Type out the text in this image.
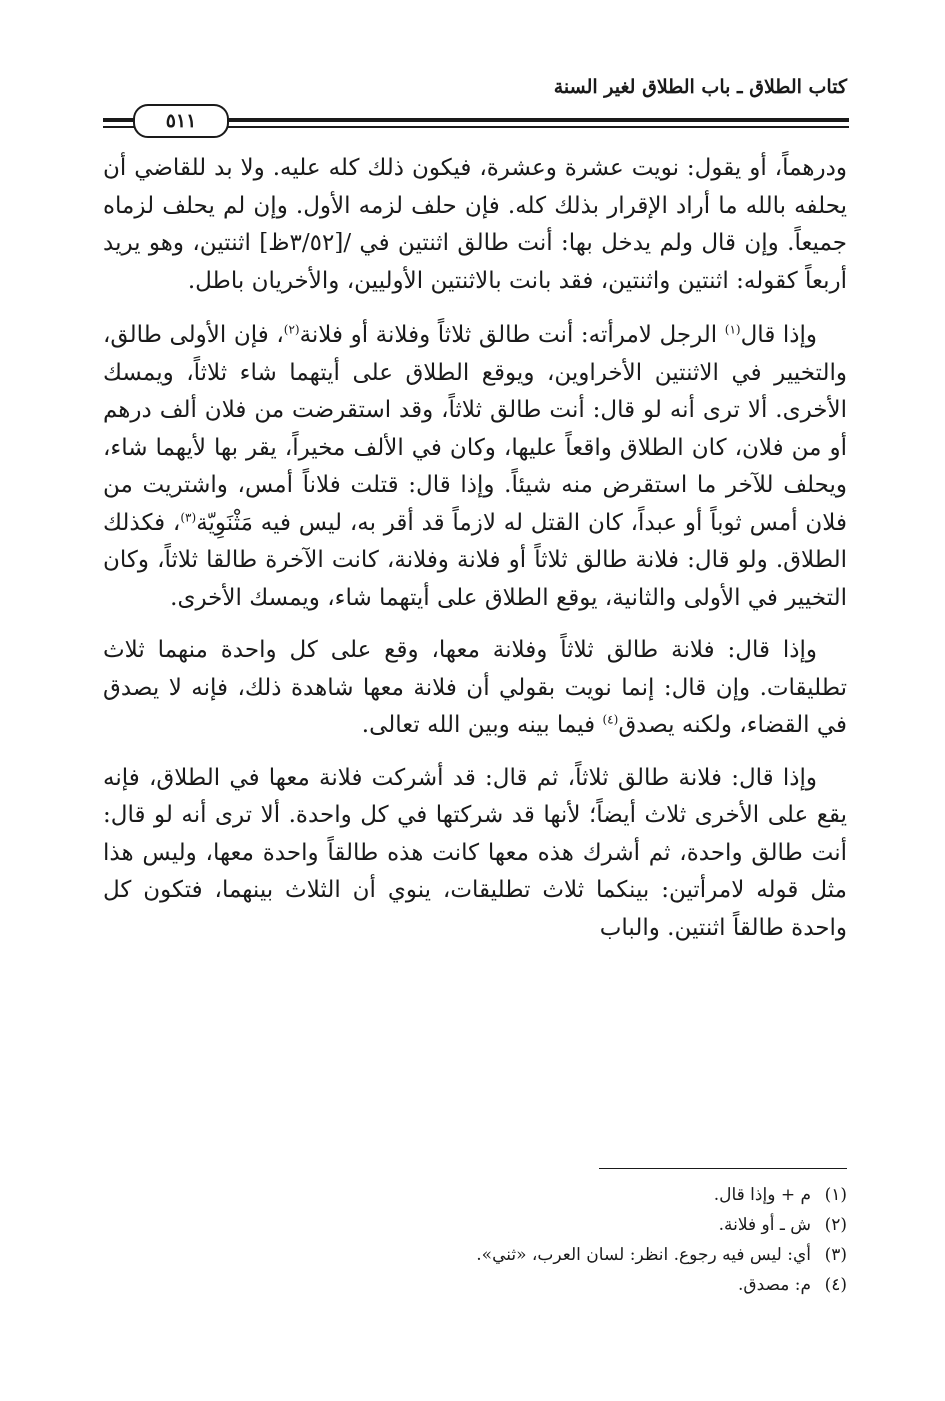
كتاب الطلاق ـ باب الطلاق لغير السنة
٥١١

ودرهماً، أو يقول: نويت عشرة وعشرة، فيكون ذلك كله عليه. ولا بد للقاضي أن يحلفه بالله ما أراد الإقرار بذلك كله. فإن حلف لزمه الأول. وإن لم يحلف لزماه جميعاً. وإن قال ولم يدخل بها: أنت طالق اثنتين في /[٣/٥٢ظ] اثنتين، وهو يريد أربعاً كقوله: اثنتين واثنتين، فقد بانت بالاثنتين الأوليين، والأخريان باطل.

وإذا قال$^{(١)}$ الرجل لامرأته: أنت طالق ثلاثاً وفلانة أو فلانة$^{(٢)}$، فإن الأولى طالق، والتخيير في الاثنتين الأخراوين، ويوقع الطلاق على أيتهما شاء ثلاثاً، ويمسك الأخرى. ألا ترى أنه لو قال: أنت طالق ثلاثاً، وقد استقرضت من فلان ألف درهم أو من فلان، كان الطلاق واقعاً عليها، وكان في الألف مخيراً، يقر بها لأيهما شاء، ويحلف للآخر ما استقرض منه شيئاً. وإذا قال: قتلت فلاناً أمس، واشتريت من فلان أمس ثوباً أو عبداً، كان القتل له لازماً قد أقر به، ليس فيه مَثْنَوِيّة$^{(٣)}$، فكذلك الطلاق. ولو قال: فلانة طالق ثلاثاً أو فلانة وفلانة، كانت الآخرة طالقا ثلاثاً، وكان التخيير في الأولى والثانية، يوقع الطلاق على أيتهما شاء، ويمسك الأخرى.

وإذا قال: فلانة طالق ثلاثاً وفلانة معها، وقع على كل واحدة منهما ثلاث تطليقات. وإن قال: إنما نويت بقولي أن فلانة معها شاهدة ذلك، فإنه لا يصدق في القضاء، ولكنه يصدق$^{(٤)}$ فيما بينه وبين الله تعالى.

وإذا قال: فلانة طالق ثلاثاً، ثم قال: قد أشركت فلانة معها في الطلاق، فإنه يقع على الأخرى ثلاث أيضاً؛ لأنها قد شركتها في كل واحدة. ألا ترى أنه لو قال: أنت طالق واحدة، ثم أشرك هذه معها كانت هذه طالقاً واحدة معها، وليس هذا مثل قوله لامرأتين: بينكما ثلاث تطليقات، ينوي أن الثلاث بينهما، فتكون كل واحدة طالقاً اثنتين. والباب

(١)م + وإذا قال.
(٢)ش ـ أو فلانة.
(٣)أي: ليس فيه رجوع. انظر: لسان العرب، «ثني».
(٤)م: مصدق.
